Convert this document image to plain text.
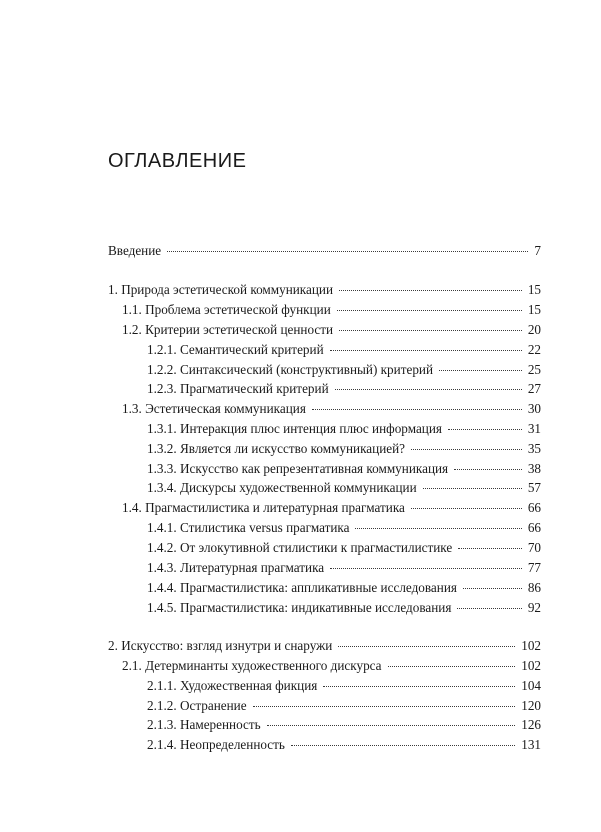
ОГЛАВЛЕНИЕ
Введение	7
1. Природа эстетической коммуникации	15
1.1. Проблема эстетической функции	15
1.2. Критерии эстетической ценности	20
1.2.1. Семантический критерий	22
1.2.2. Синтаксический (конструктивный) критерий	25
1.2.3. Прагматический критерий	27
1.3. Эстетическая коммуникация	30
1.3.1. Интеракция плюс интенция плюс информация	31
1.3.2. Является ли искусство коммуникацией?	35
1.3.3. Искусство как репрезентативная коммуникация	38
1.3.4. Дискурсы художественной коммуникации	57
1.4. Прагмастилистика и литературная прагматика	66
1.4.1. Стилистика versus прагматика	66
1.4.2. От элокутивной стилистики к прагмастилистике	70
1.4.3. Литературная прагматика	77
1.4.4. Прагмастилистика: аппликативные исследования	86
1.4.5. Прагмастилистика: индикативные исследования	92
2. Искусство: взгляд изнутри и снаружи	102
2.1. Детерминанты художественного дискурса	102
2.1.1. Художественная фикция	104
2.1.2. Остранение	120
2.1.3. Намеренность	126
2.1.4. Неопределенность	131
